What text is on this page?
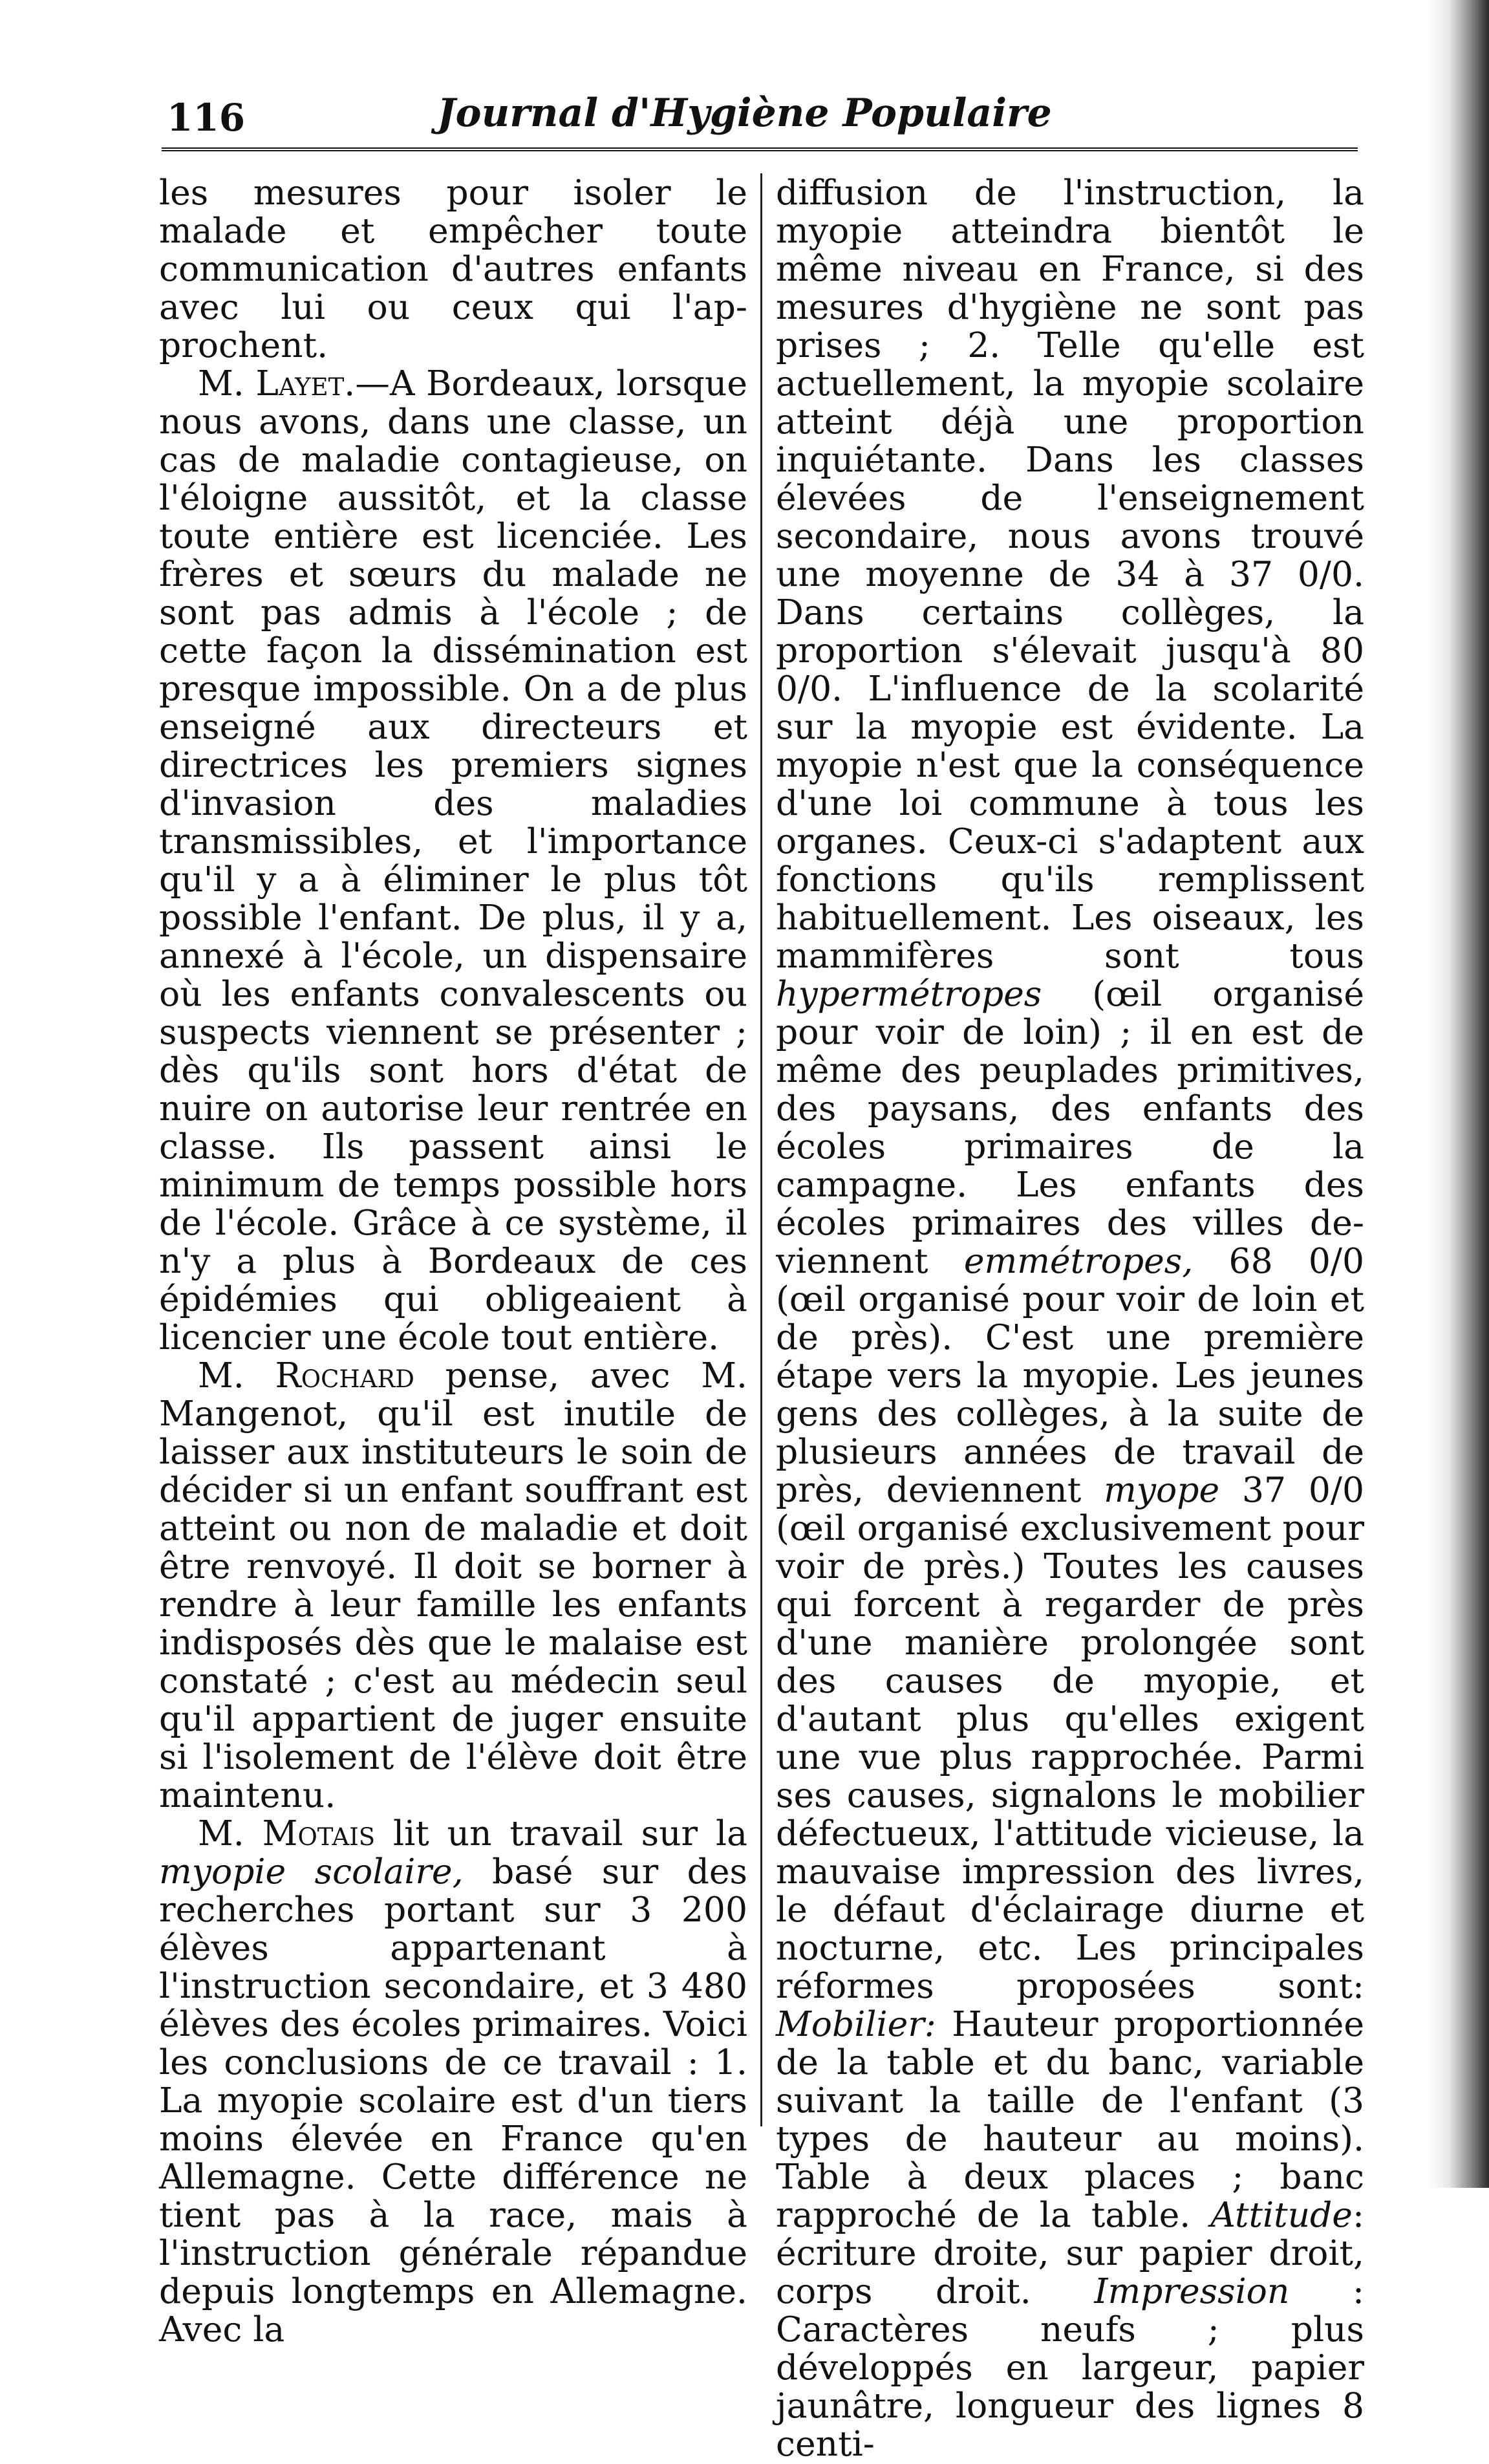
116	Journal d'Hygiène Populaire

les mesures pour isoler le malade et empêcher toute communication d'autres enfants avec lui ou ceux qui l'approchent.

M. Layet.—A Bordeaux, lorsque nous avons, dans une classe, un cas de maladie contagieuse, on l'éloigne aussitôt, et la classe toute entière est licenciée. Les frères et sœurs du malade ne sont pas admis à l'école ; de cette façon la dissémination est presque impossible. On a de plus enseigné aux directeurs et directrices les premiers signes d'invasion des maladies transmissibles, et l'importance qu'il y a à éliminer le plus tôt possible l'enfant. De plus, il y a, annexé à l'école, un dispensaire où les enfants convalescents ou suspects viennent se présenter ; dès qu'ils sont hors d'état de nuire on autorise leur rentrée en classe. Ils passent ainsi le minimum de temps possible hors de l'école. Grâce à ce système, il n'y a plus à Bordeaux de ces épidémies qui obligeaient à licencier une école tout entière.

M. Rochard pense, avec M. Mangenot, qu'il est inutile de laisser aux instituteurs le soin de décider si un enfant souffrant est atteint ou non de maladie et doit être renvoyé. Il doit se borner à rendre à leur famille les enfants indisposés dès que le malaise est constaté ; c'est au médecin seul qu'il appartient de juger ensuite si l'isolement de l'élève doit être maintenu.

M. Motais lit un travail sur la myopie scolaire, basé sur des recherches portant sur 3 200 élèves appartenant à l'instruction secondaire, et 3 480 élèves des écoles primaires. Voici les conclusions de ce travail : 1. La myopie scolaire est d'un tiers moins élevée en France qu'en Allemagne. Cette différence ne tient pas à la race, mais à l'instruction générale répandue depuis longtemps en Allemagne. Avec la

diffusion de l'instruction, la myopie atteindra bientôt le même niveau en France, si des mesures d'hygiène ne sont pas prises ; 2. Telle qu'elle est actuellement, la myopie scolaire atteint déjà une proportion inquiétante. Dans les classes élevées de l'enseignement secondaire, nous avons trouvé une moyenne de 34 à 37 0/0. Dans certains collèges, la proportion s'élevait jusqu'à 80 0/0. L'influence de la scolarité sur la myopie est évidente. La myopie n'est que la conséquence d'une loi commune à tous les organes. Ceux-ci s'adaptent aux fonctions qu'ils remplissent habituellement. Les oiseaux, les mammifères sont tous hypermétropes (œil organisé pour voir de loin) ; il en est de même des peuplades primitives, des paysans, des enfants des écoles primaires de la campagne. Les enfants des écoles primaires des villes deviennent emmétropes, 68 0/0 (œil organisé pour voir de loin et de près). C'est une première étape vers la myopie. Les jeunes gens des collèges, à la suite de plusieurs années de travail de près, deviennent myope 37 0/0 (œil organisé exclusivement pour voir de près.) Toutes les causes qui forcent à regarder de près d'une manière prolongée sont des causes de myopie, et d'autant plus qu'elles exigent une vue plus rapprochée. Parmi ses causes, signalons le mobilier défectueux, l'attitude vicieuse, la mauvaise impression des livres, le défaut d'éclairage diurne et nocturne, etc. Les principales réformes proposées sont: Mobilier: Hauteur proportionnée de la table et du banc, variable suivant la taille de l'enfant (3 types de hauteur au moins). Table à deux places ; banc rapproché de la table. Attitude: écriture droite, sur papier droit, corps droit. Impression : Caractères neufs ; plus développés en largeur, papier jaunâtre, longueur des lignes 8 centi-
